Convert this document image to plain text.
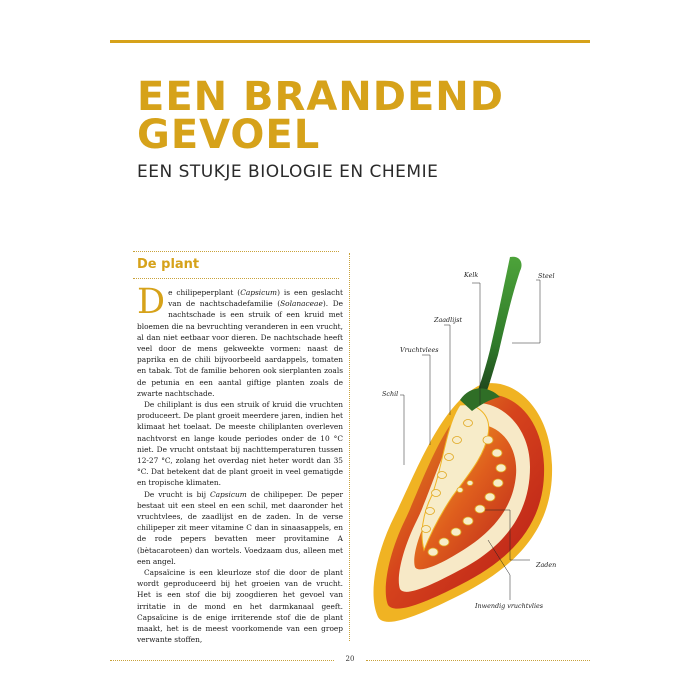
EEN BRANDEND
GEVOEL
EEN STUKJE BIOLOGIE EN CHEMIE
De plant

De chilipeperplant (Capsicum) is een geslacht van de nachtschadefamilie (Solanaceae). De nachtschade is een struik of een kruid met bloemen die na bevruchting veranderen in een vrucht, al dan niet eetbaar voor dieren. De nachtschade heeft veel door de mens gekweekte vormen: naast de paprika en de chili bijvoorbeeld aardappels, tomaten en tabak. Tot de familie behoren ook sierplanten zoals de petunia en een aantal giftige planten zoals de zwarte nachtschade.

De chiliplant is dus een struik of kruid die vruchten produceert. De plant groeit meerdere jaren, indien het klimaat het toelaat. De meeste chiliplanten overleven nachtvorst en lange koude periodes onder de 10 °C niet. De vrucht ontstaat bij nachttemperaturen tussen 12-27 °C, zolang het overdag niet heter wordt dan 35 °C. Dat betekent dat de plant groeit in veel gematigde en tropische klimaten.

De vrucht is bij Capsicum de chilipeper. De peper bestaat uit een steel en een schil, met daaronder het vruchtvlees, de zaadlijst en de zaden. In de verse chilipeper zit meer vitamine C dan in sinaasappels, en de rode pepers bevatten meer provitamine A (bètacaroteen) dan wortels. Voedzaam dus, alleen met een angel.

Capsaïcine is een kleurloze stof die door de plant wordt geproduceerd bij het groeien van de vrucht. Het is een stof die bij zoogdieren het gevoel van irritatie in de mond en het darmkanaal geeft. Capsaïcine is de enige irriterende stof die de plant maakt, het is de meest voorkomende van een groep verwante stoffen,

Kelk	Steel
Zaadlijst
Vruchtvlees
Schil
Zaden
Inwendig vruchtvlies
20
